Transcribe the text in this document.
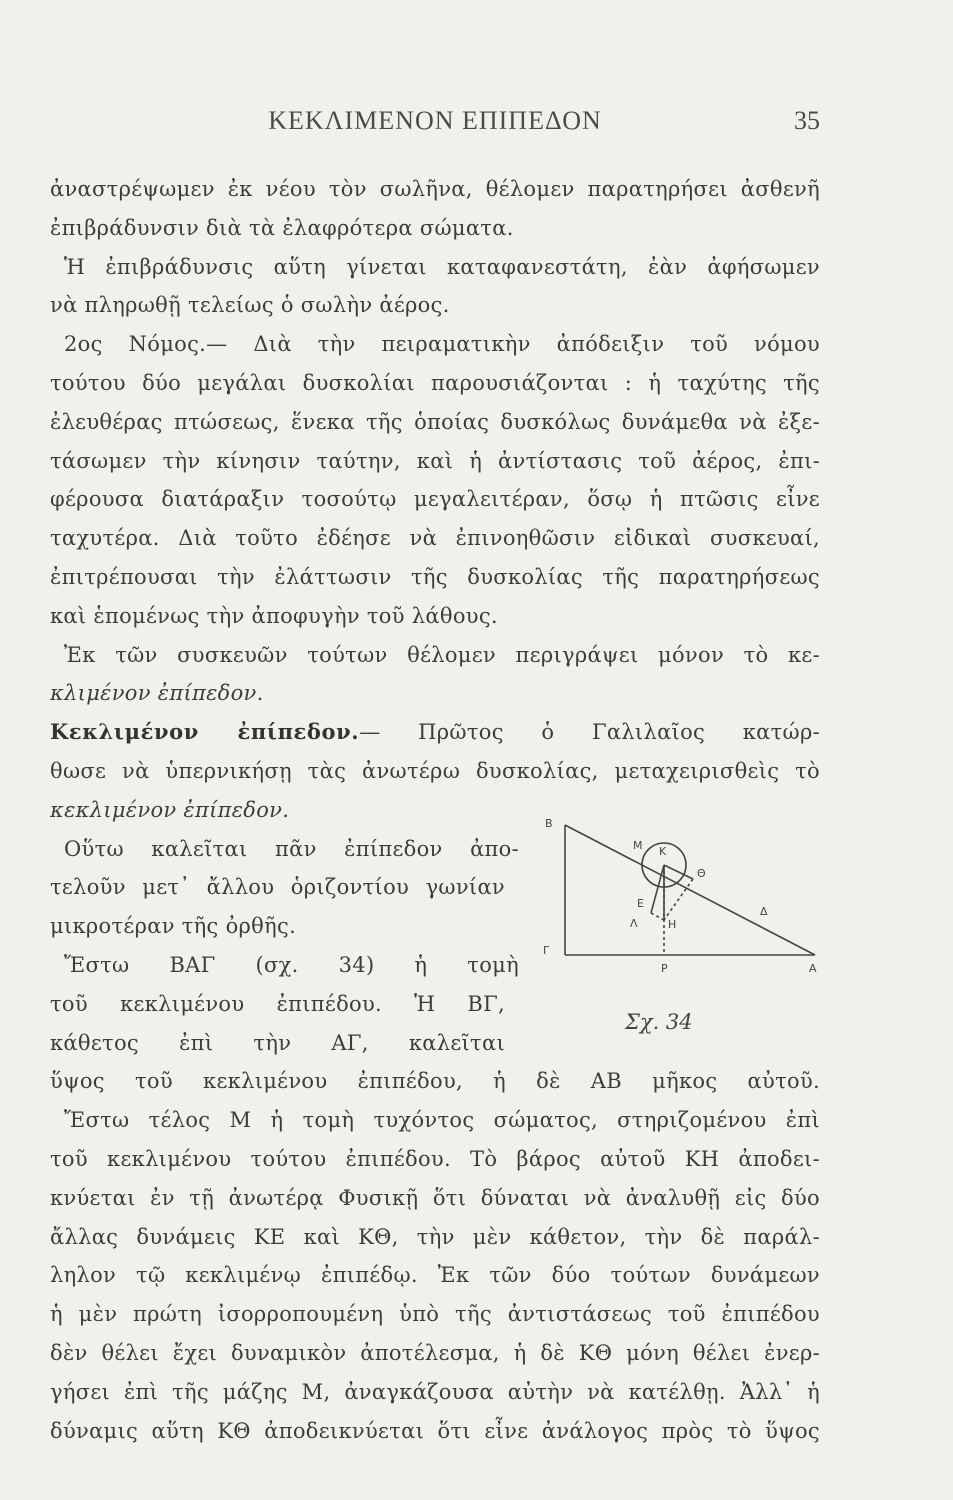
ΚΕΚΛΙΜΕΝΟΝ ΕΠΙΠΕΔΟΝ	35
ἀναστρέψωμεν ἐκ νέου τὸν σωλῆνα, θέλομεν παρατηρήσει ἀσθενῆ
ἐπιβράδυνσιν διὰ τὰ ἐλαφρότερα σώματα.
Ἡ ἐπιβράδυνσις αὕτη γίνεται καταφανεστάτη, ἐὰν ἀφήσωμεν
νὰ πληρωθῇ τελείως ὁ σωλὴν ἀέρος.
2ος Νόμος.— Διὰ τὴν πειραματικὴν ἀπόδειξιν τοῦ νόμου
τούτου δύο μεγάλαι δυσκολίαι παρουσιάζονται : ἡ ταχύτης τῆς
ἐλευθέρας πτώσεως, ἕνεκα τῆς ὁποίας δυσκόλως δυνάμεθα νὰ ἐξε-
τάσωμεν τὴν κίνησιν ταύτην, καὶ ἡ ἀντίστασις τοῦ ἀέρος, ἐπι-
φέρουσα διατάραξιν τοσούτῳ μεγαλειτέραν, ὅσῳ ἡ πτῶσις εἶνε
ταχυτέρα. Διὰ τοῦτο ἐδέησε νὰ ἐπινοηθῶσιν εἰδικαὶ συσκευαί,
ἐπιτρέπουσαι τὴν ἐλάττωσιν τῆς δυσκολίας τῆς παρατηρήσεως
καὶ ἑπομένως τὴν ἀποφυγὴν τοῦ λάθους.
Ἐκ τῶν συσκευῶν τούτων θέλομεν περιγράψει μόνον τὸ κε-
κλιμένον ἐπίπεδον.
Κεκλιμένον ἐπίπεδον.— Πρῶτος ὁ Γαλιλαῖος κατώρ-
θωσε νὰ ὑπερνικήσῃ τὰς ἀνωτέρω δυσκολίας, μεταχειρισθεὶς τὸ
κεκλιμένον ἐπίπεδον.
Οὕτω καλεῖται πᾶν ἐπίπεδον ἀπο-
τελοῦν μετ᾽ ἄλλου ὁριζοντίου γωνίαν
μικροτέραν τῆς ὀρθῆς.
Ἔστω ΒΑΓ (σχ. 34) ἡ τομὴ
τοῦ κεκλιμένου ἐπιπέδου. Ἡ ΒΓ,
κάθετος ἐπὶ τὴν ΑΓ, καλεῖται
ὕψος τοῦ κεκλιμένου ἐπιπέδου, ἡ δὲ ΑΒ μῆκος αὐτοῦ.
Ἔστω τέλος Μ ἡ τομὴ τυχόντος σώματος, στηριζομένου ἐπὶ
τοῦ κεκλιμένου τούτου ἐπιπέδου. Τὸ βάρος αὐτοῦ ΚΗ ἀποδει-
κνύεται ἐν τῇ ἀνωτέρᾳ Φυσικῇ ὅτι δύναται νὰ ἀναλυθῇ εἰς δύο
ἄλλας δυνάμεις ΚΕ καὶ ΚΘ, τὴν μὲν κάθετον, τὴν δὲ παράλ-
ληλον τῷ κεκλιμένῳ ἐπιπέδῳ. Ἐκ τῶν δύο τούτων δυνάμεων
ἡ μὲν πρώτη ἰσορροπουμένη ὑπὸ τῆς ἀντιστάσεως τοῦ ἐπιπέδου
δὲν θέλει ἔχει δυναμικὸν ἀποτέλεσμα, ἡ δὲ ΚΘ μόνη θέλει ἐνερ-
γήσει ἐπὶ τῆς μάζης Μ, ἀναγκάζουσα αὐτὴν νὰ κατέλθῃ. Ἀλλ᾽ ἡ
δύναμις αὕτη ΚΘ ἀποδεικνύεται ὅτι εἶνε ἀνάλογος πρὸς τὸ ὕψος
B
M K
Θ
E
Λ	H
Δ
Γ
P	A
Σχ. 34
